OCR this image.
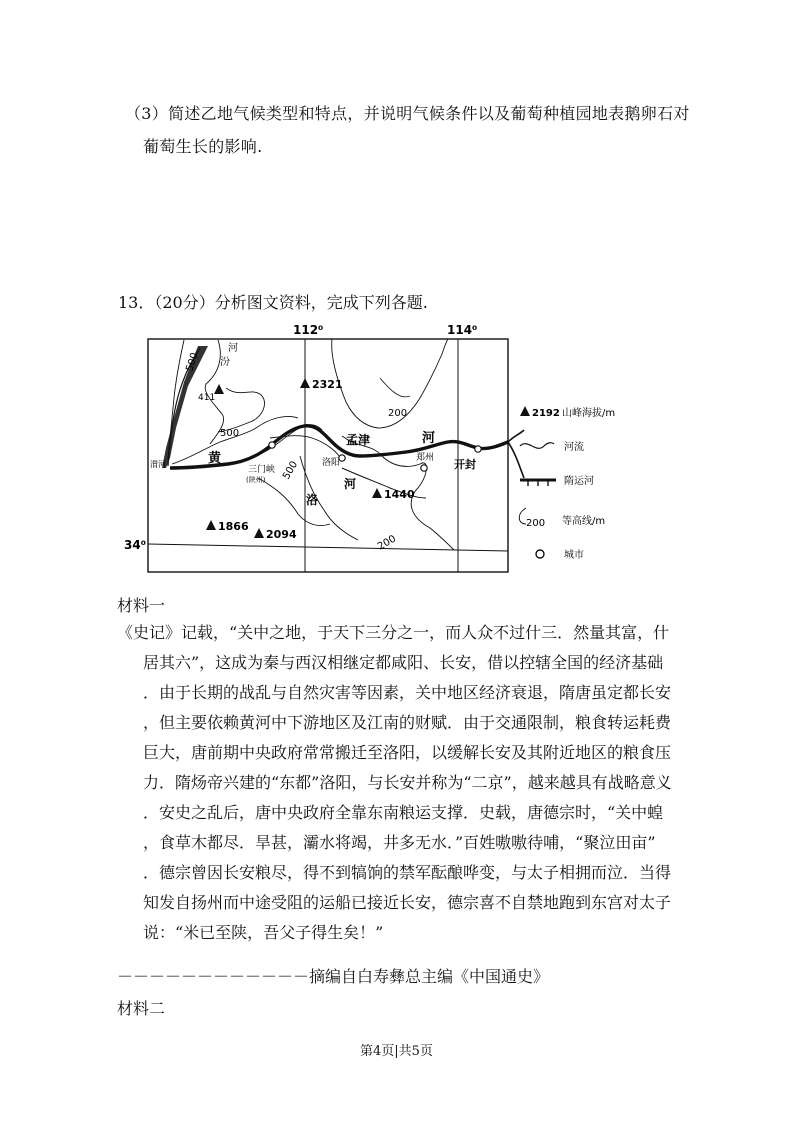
（3）简述乙地气候类型和特点，并说明气候条件以及葡萄种植园地表鹅卵石对
葡萄生长的影响.
13．（20分）分析图文资料，完成下列各题.
112⁰	114⁰
34⁰
2321
411
1440
1866
2094
500
500
500
200
200
汾
河
黄
河
洛
河
渭河
三门峡
(陕州)
孟津
洛阳	郑州 开封
2192 山峰海拔/m
河流
隋运河
200 等高线/m
城市
材料一
《史记》记载，“关中之地，于天下三分之一，而人众不过什三．然量其富，什
居其六”，这成为秦与西汉相继定都咸阳、长安，借以控辖全国的经济基础
．由于长期的战乱与自然灾害等因素，关中地区经济衰退，隋唐虽定都长安
，但主要依赖黄河中下游地区及江南的财赋．由于交通限制，粮食转运耗费
巨大，唐前期中央政府常常搬迁至洛阳，以缓解长安及其附近地区的粮食压
力．隋炀帝兴建的“东都”洛阳，与长安并称为“二京”，越来越具有战略意义
．安史之乱后，唐中央政府全靠东南粮运支撑．史载，唐德宗时，“关中蝗
，食草木都尽．旱甚，灞水将竭，井多无水．”百姓嗷嗷待哺，“聚泣田亩”
．德宗曾因长安粮尽，得不到犒饷的禁军酝酿哗变，与太子相拥而泣．当得
知发自扬州而中途受阻的运船已接近长安，德宗喜不自禁地跑到东宫对太子
说：“米已至陕，吾父子得生矣！”
－－－－－－－－－－－－摘编自白寿彝总主编《中国通史》
材料二
第4页|共5页
